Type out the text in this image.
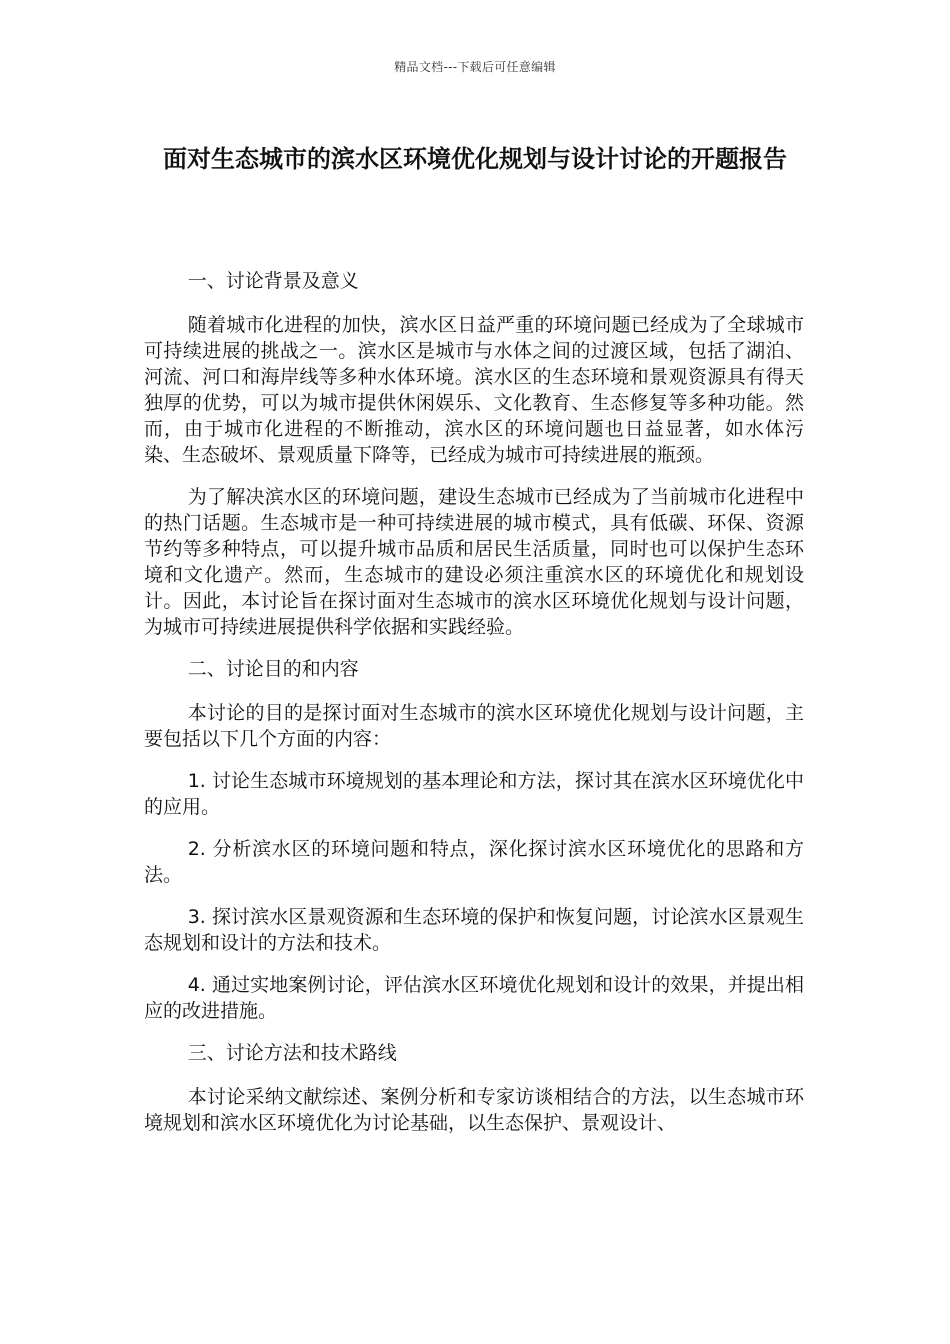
精品文档---下载后可任意编辑
面对生态城市的滨水区环境优化规划与设计讨论的开题报告

一、讨论背景及意义

随着城市化进程的加快，滨水区日益严重的环境问题已经成为了全球城市可持续进展的挑战之一。滨水区是城市与水体之间的过渡区域，包括了湖泊、河流、河口和海岸线等多种水体环境。滨水区的生态环境和景观资源具有得天独厚的优势，可以为城市提供休闲娱乐、文化教育、生态修复等多种功能。然而，由于城市化进程的不断推动，滨水区的环境问题也日益显著，如水体污染、生态破坏、景观质量下降等，已经成为城市可持续进展的瓶颈。

为了解决滨水区的环境问题，建设生态城市已经成为了当前城市化进程中的热门话题。生态城市是一种可持续进展的城市模式，具有低碳、环保、资源节约等多种特点，可以提升城市品质和居民生活质量，同时也可以保护生态环境和文化遗产。然而，生态城市的建设必须注重滨水区的环境优化和规划设计。因此，本讨论旨在探讨面对生态城市的滨水区环境优化规划与设计问题，为城市可持续进展提供科学依据和实践经验。

二、讨论目的和内容

本讨论的目的是探讨面对生态城市的滨水区环境优化规划与设计问题，主要包括以下几个方面的内容：

1. 讨论生态城市环境规划的基本理论和方法，探讨其在滨水区环境优化中的应用。

2. 分析滨水区的环境问题和特点，深化探讨滨水区环境优化的思路和方法。

3. 探讨滨水区景观资源和生态环境的保护和恢复问题，讨论滨水区景观生态规划和设计的方法和技术。

4. 通过实地案例讨论，评估滨水区环境优化规划和设计的效果，并提出相应的改进措施。

三、讨论方法和技术路线

本讨论采纳文献综述、案例分析和专家访谈相结合的方法，以生态城市环境规划和滨水区环境优化为讨论基础，以生态保护、景观设计、
